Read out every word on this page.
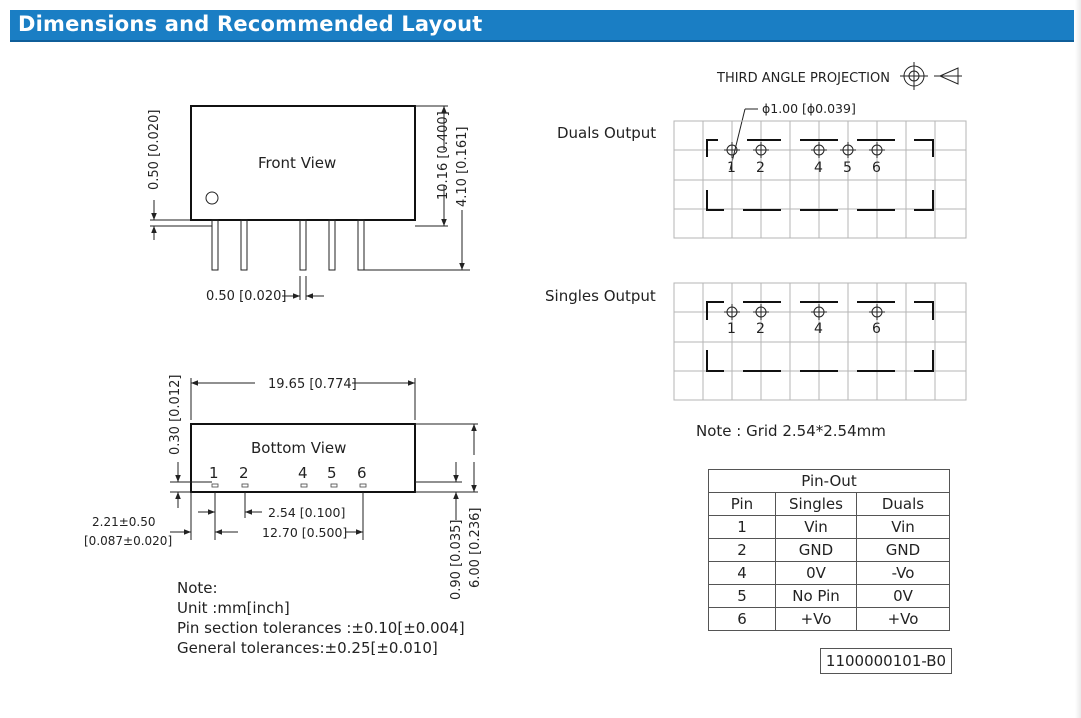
Dimensions and Recommended Layout
THIRD ANGLE PROJECTION
Front View
0.50 [0.020]	10.16 [0.400] 4.10 [0.161]
0.50 [0.020]
Bottom View
19.65 [0.774]
0.30 [0.012]
1 2	4 5 6
2.54 [0.100]
12.70 [0.500]
2.21±0.50
[0.087±0.020]	0.90 [0.035] 6.00 [0.236]
Duals Output
ϕ1.00 [ϕ0.039]
1 2	4 5 6
Singles Output
1 2	4	6
Note : Grid 2.54*2.54mm
Note:
Unit :mm[inch]
Pin section tolerances :±0.10[±0.004]
General tolerances:±0.25[±0.010]
Pin-Out		
Pin	Singles	Duals
1	Vin	Vin
2	GND	GND
4	0V	-Vo
5	No Pin	0V
6	+Vo	+Vo
1100000101-B0
